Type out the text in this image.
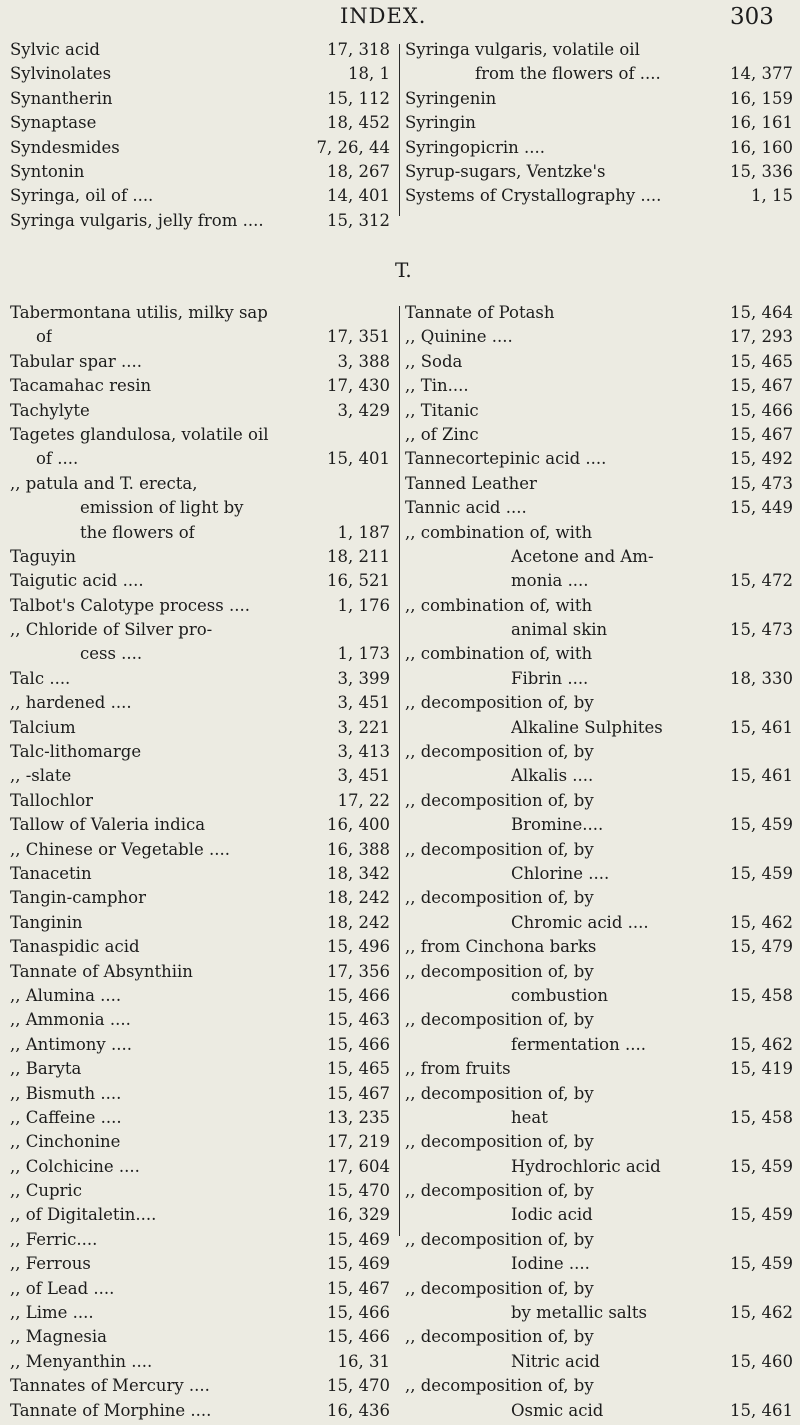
INDEX.	303
Sylvic acid	17, 318
Sylvinolates	18, 1
Synantherin	15, 112
Synaptase	18, 452
Syndesmides	7, 26, 44
Syntonin	18, 267
Syringa, oil of ....	14, 401
Syringa vulgaris, jelly from ....	15, 312
Syringa vulgaris, volatile oil
from the flowers of ....	14, 377
Syringenin	16, 159
Syringin	16, 161
Syringopicrin ....	16, 160
Syrup-sugars, Ventzke's	15, 336
Systems of Crystallography ....	1, 15
T.
Tabermontana utilis, milky sap
of	17, 351
Tabular spar ....	3, 388
Tacamahac resin	17, 430
Tachylyte	3, 429
Tagetes glandulosa, volatile oil
of ....	15, 401
,, patula and T. erecta,
emission of light by
the flowers of	1, 187
Taguyin	18, 211
Taigutic acid ....	16, 521
Talbot's Calotype process ....	1, 176
,, Chloride of Silver pro-
cess ....	1, 173
Talc ....	3, 399
,, hardened ....	3, 451
Talcium	3, 221
Talc-lithomarge	3, 413
,, -slate	3, 451
Tallochlor	17, 22
Tallow of Valeria indica	16, 400
,, Chinese or Vegetable ....	16, 388
Tanacetin	18, 342
Tangin-camphor	18, 242
Tanginin	18, 242
Tanaspidic acid	15, 496
Tannate of Absynthiin	17, 356
,, Alumina ....	15, 466
,, Ammonia ....	15, 463
,, Antimony ....	15, 466
,, Baryta	15, 465
,, Bismuth ....	15, 467
,, Caffeine ....	13, 235
,, Cinchonine	17, 219
,, Colchicine ....	17, 604
,, Cupric	15, 470
,, of Digitaletin....	16, 329
,, Ferric....	15, 469
,, Ferrous	15, 469
,, of Lead ....	15, 467
,, Lime ....	15, 466
,, Magnesia	15, 466
,, Menyanthin ....	16, 31
Tannates of Mercury ....	15, 470
Tannate of Morphine ....	16, 436
Tannate of Potash	15, 464
,, Quinine ....	17, 293
,, Soda	15, 465
,, Tin....	15, 467
,, Titanic	15, 466
,, of Zinc	15, 467
Tannecortepinic acid ....	15, 492
Tanned Leather	15, 473
Tannic acid ....	15, 449
,, combination of, with
Acetone and Am-
monia ....	15, 472
,, combination of, with
animal skin	15, 473
,, combination of, with
Fibrin ....	18, 330
,, decomposition of, by
Alkaline Sulphites	15, 461
,, decomposition of, by
Alkalis ....	15, 461
,, decomposition of, by
Bromine....	15, 459
,, decomposition of, by
Chlorine ....	15, 459
,, decomposition of, by
Chromic acid ....	15, 462
,, from Cinchona barks	15, 479
,, decomposition of, by
combustion	15, 458
,, decomposition of, by
fermentation ....	15, 462
,, from fruits	15, 419
,, decomposition of, by
heat	15, 458
,, decomposition of, by
Hydrochloric acid	15, 459
,, decomposition of, by
Iodic acid	15, 459
,, decomposition of, by
Iodine ....	15, 459
,, decomposition of, by
by metallic salts	15, 462
,, decomposition of, by
Nitric acid	15, 460
,, decomposition of, by
Osmic acid	15, 461
